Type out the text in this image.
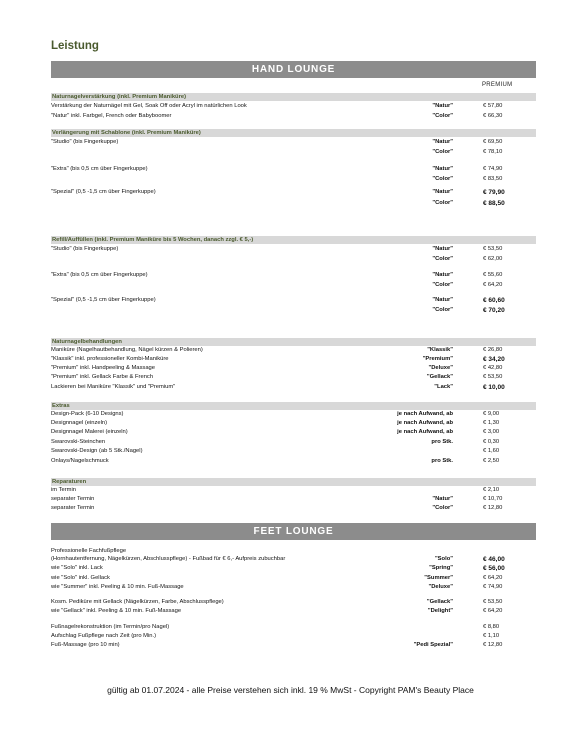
Leistung
HAND LOUNGE
PREMIUM
Naturnagelverstärkung (inkl. Premium Maniküre)
Verlängerung mit Schablone (inkl. Premium Maniküre)
Refill/Auffüllen (inkl. Premium Maniküre bis 5 Wochen, danach zzgl. € 5,-)
Naturnagelbehandlungen
Extras
Reparaturen
FEET LOUNGE
Verstärkung der Naturnägel mit Gel, Soak Off oder Acryl im natürlichen Look	"Natur"	€ 57,80
"Natur" inkl. Farbgel, French oder Babyboomer	"Color"	€ 66,30
"Studio" (bis Fingerkuppe)	"Natur"	€ 69,50
"Color"	€ 78,10
"Extra" (bis 0,5 cm über Fingerkuppe)	"Natur"	€ 74,90
"Color"	€ 83,50
"Spezial" (0,5 -1,5 cm über Fingerkuppe)	"Natur"	€ 79,90
"Color"	€ 88,50
"Studio" (bis Fingerkuppe)	"Natur"	€ 53,50
"Color"	€ 62,00
"Extra" (bis 0,5 cm über Fingerkuppe)	"Natur"	€ 55,60
"Color"	€ 64,20
"Spezial" (0,5 -1,5 cm über Fingerkuppe)	"Natur"	€ 60,60
"Color"	€ 70,20
Maniküre (Nagelhautbehandlung, Nägel kürzen & Polieren)	"Klassik"	€ 26,80
"Klassik" inkl. professioneller Kombi-Maniküre	"Premium"	€ 34,20
"Premium" inkl. Handpeeling & Massage	"Deluxe"	€ 42,80
"Premium" inkl. Gellack Farbe & French	"Gellack"	€ 53,50
Lackieren bei Maniküre "Klassik" und "Premium"	"Lack"	€ 10,00
Design-Pack (6-10 Designs)	je nach Aufwand, ab	€ 9,00
Designnagel (einzeln)	je nach Aufwand, ab	€ 1,30
Designnagel Malerei (einzeln)	je nach Aufwand, ab	€ 3,00
Swarovski-Steinchen	pro Stk.	€ 0,30
Swarovski-Design (ab 5 Stk./Nagel)	€ 1,60
Onlays/Nagelschmuck	pro Stk.	€ 2,50
im Termin	€ 2,10
separater Termin	"Natur"	€ 10,70
separater Termin	"Color"	€ 12,80
Professionelle Fachfußpflege
(Hornhautentfernung, Nägelkürzen, Abschlusspflege) - Fußbad für € 6,- Aufpreis zubuchbar	"Solo"	€ 46,00
wie "Solo" inkl. Lack	"Spring"	€ 56,00
wie "Solo" inkl. Gellack	"Summer"	€ 64,20
wie "Summer" inkl. Peeling & 10 min. Fuß-Massage	"Deluxe"	€ 74,90
Kosm. Pediküre mit Gellack (Nägelkürzen, Farbe, Abschlusspflege)	"Gellack"	€ 53,50
wie "Gellack" inkl. Peeling & 10 min. Fuß-Massage	"Delight"	€ 64,20
Fußnagelrekonstruktion (im Termin/pro Nagel)	€ 8,80
Aufschlag Fußpflege nach Zeit (pro Min.)	€ 1,10
Fuß-Massage (pro 10 min)	"Pedi Spezial"	€ 12,80
gültig ab 01.07.2024 - alle Preise verstehen sich inkl. 19 % MwSt - Copyright PAM's Beauty Place
